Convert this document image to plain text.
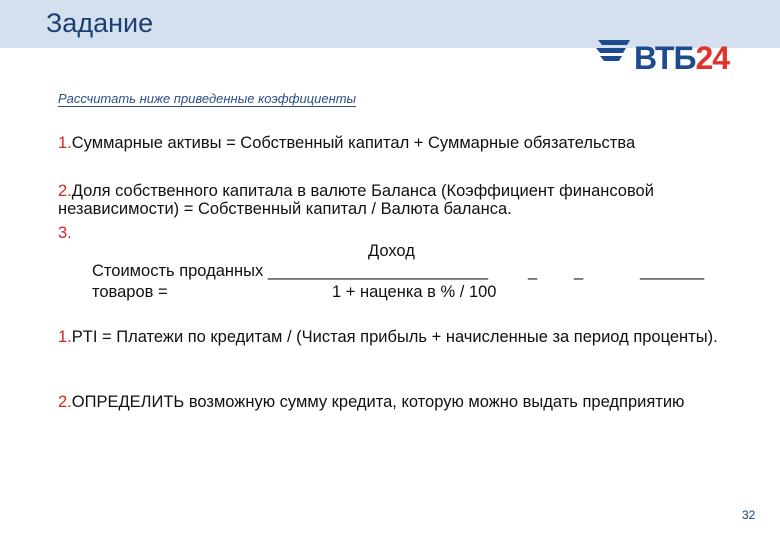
Задание
ВТБ24
Рассчитать ниже приведенные коэффициенты
1.Суммарные активы = Собственный капитал + Суммарные обязательства
2.Доля собственного капитала в валюте Баланса (Коэффициент финансовой независимости) = Собственный капитал / Валюта баланса.
3.
Доход
Стоимость проданных ________________________ _ _	_______
товаров =	1 + наценка в % / 100
1.PTI = Платежи по кредитам / (Чистая прибыль + начисленные за период проценты).
2.ОПРЕДЕЛИТЬ возможную сумму кредита, которую можно выдать предприятию
32
